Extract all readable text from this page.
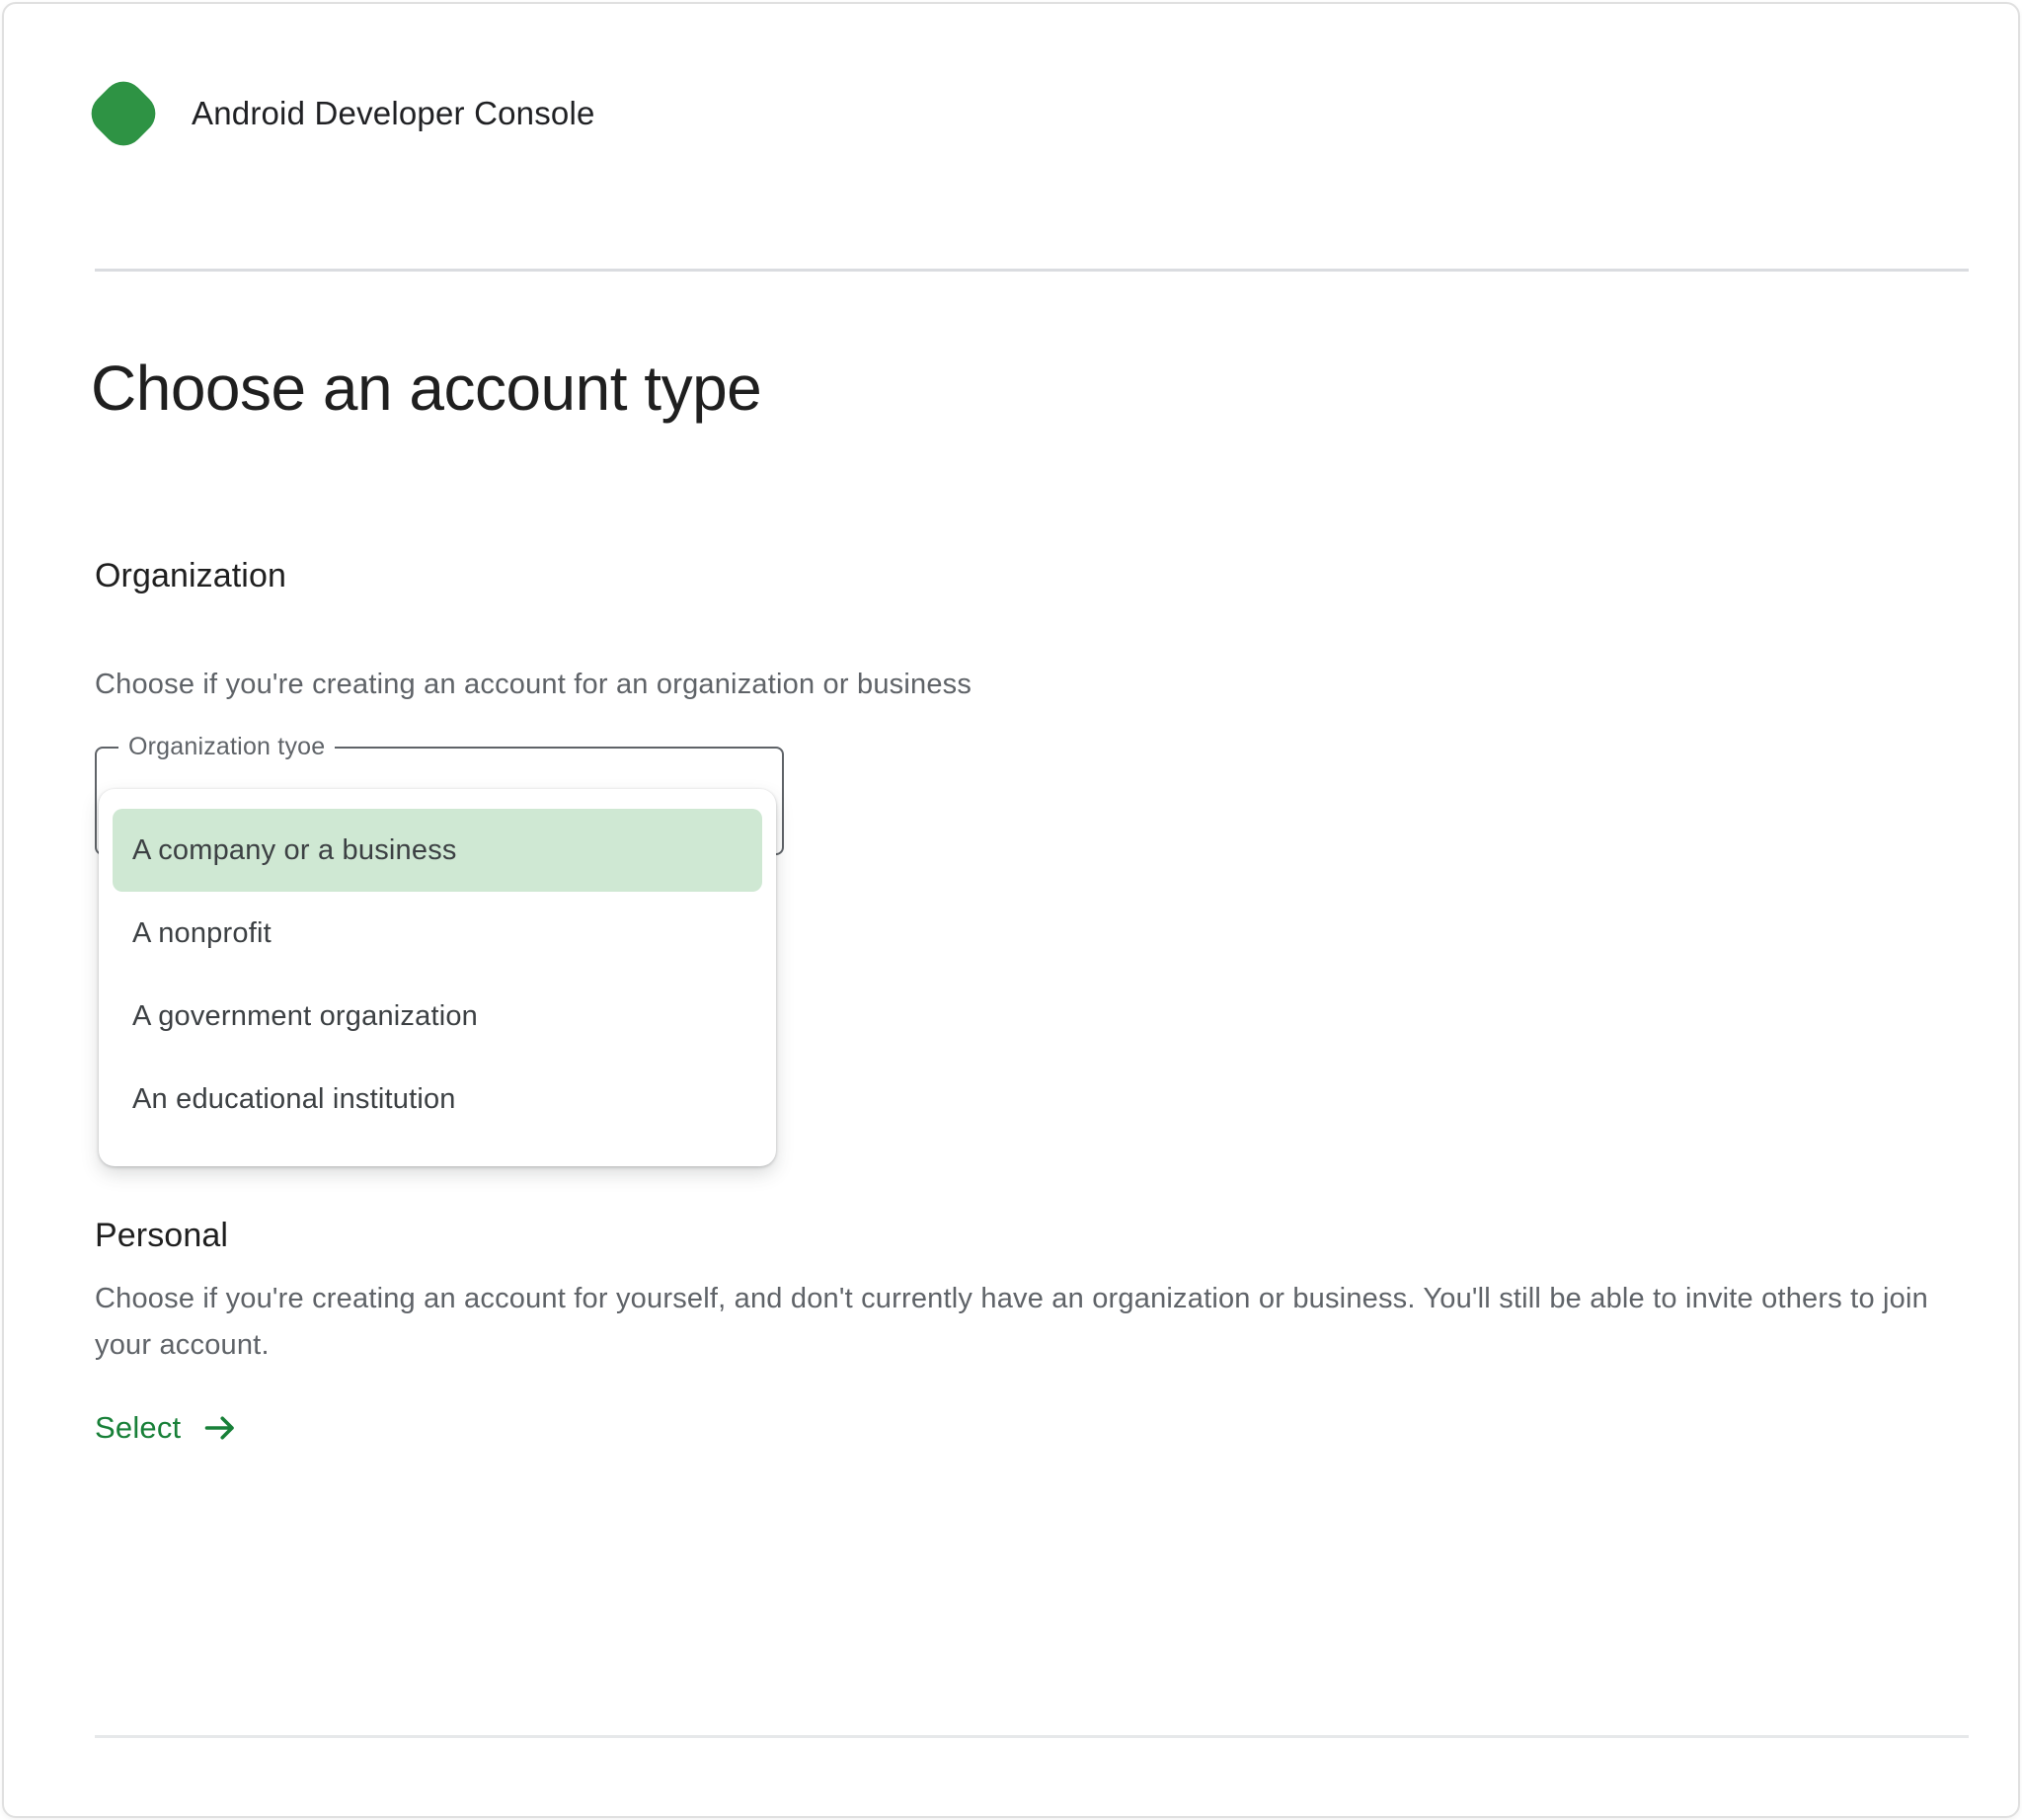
Android Developer Console
Choose an account type
Organization

Choose if you're creating an account for an organization or business

Organization tyoe
A company or a business
A nonprofit
A government organization
An educational institution
Personal

Choose if you're creating an account for yourself, and don't currently have an organization or business. You'll still be able to invite others to join your account.

Select
